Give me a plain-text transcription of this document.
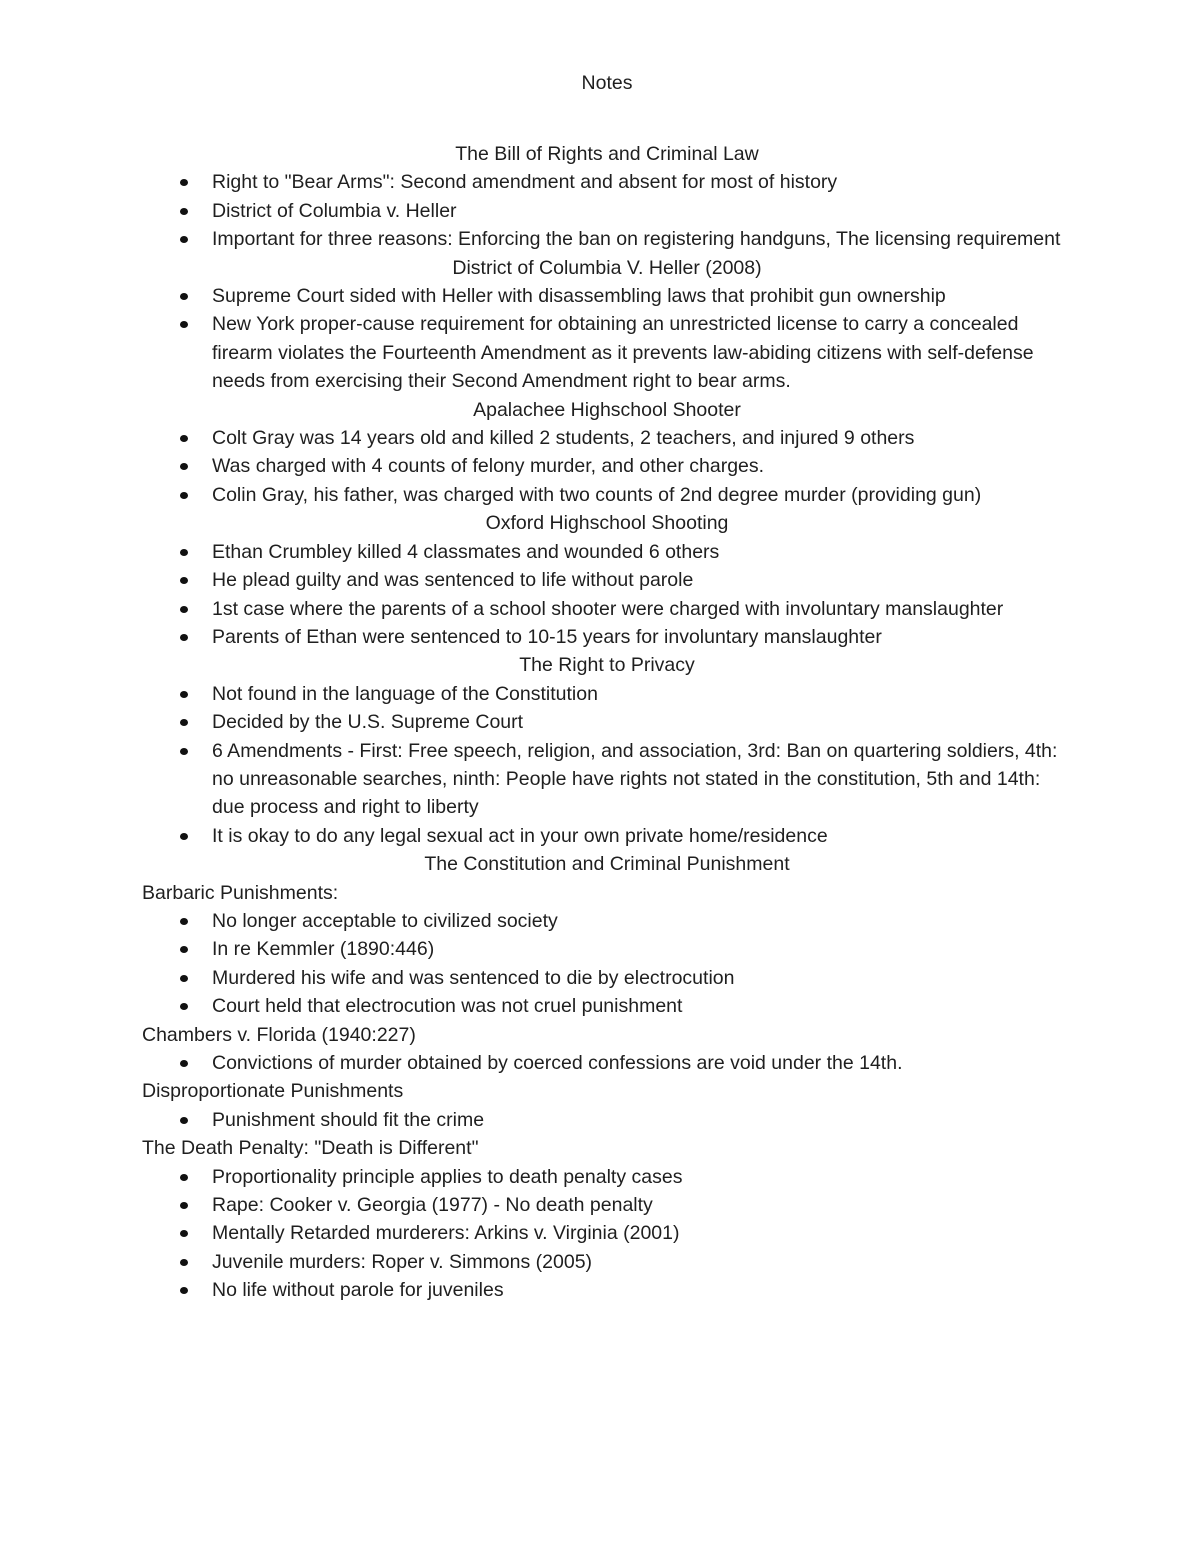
Notes
The Bill of Rights and Criminal Law
Right to "Bear Arms": Second amendment and absent for most of history
District of Columbia v. Heller
Important for three reasons: Enforcing the ban on registering handguns, The licensing requirement
District of Columbia V. Heller (2008)
Supreme Court sided with Heller with disassembling laws that prohibit gun ownership
New York proper-cause requirement for obtaining an unrestricted license to carry a concealed firearm violates the Fourteenth Amendment as it prevents law-abiding citizens with self-defense needs from exercising their Second Amendment right to bear arms.
Apalachee Highschool Shooter
Colt Gray was 14 years old and killed 2 students, 2 teachers, and injured 9 others
Was charged with 4 counts of felony murder, and other charges.
Colin Gray, his father, was charged with two counts of 2nd degree murder (providing gun)
Oxford Highschool Shooting
Ethan Crumbley killed 4 classmates and wounded 6 others
He plead guilty and was sentenced to life without parole
1st case where the parents of a school shooter were charged with involuntary manslaughter
Parents of Ethan were sentenced to 10-15 years for involuntary manslaughter
The Right to Privacy
Not found in the language of the Constitution
Decided by the U.S. Supreme Court
6 Amendments - First: Free speech, religion, and association, 3rd: Ban on quartering soldiers, 4th: no unreasonable searches, ninth: People have rights not stated in the constitution, 5th and 14th: due process and right to liberty
It is okay to do any legal sexual act in your own private home/residence
The Constitution and Criminal Punishment

Barbaric Punishments:

No longer acceptable to civilized society
In re Kemmler (1890:446)
Murdered his wife and was sentenced to die by electrocution
Court held that electrocution was not cruel punishment

Chambers v. Florida (1940:227)

Convictions of murder obtained by coerced confessions are void under the 14th.

Disproportionate Punishments

Punishment should fit the crime

The Death Penalty: "Death is Different"

Proportionality principle applies to death penalty cases
Rape: Cooker v. Georgia (1977) - No death penalty
Mentally Retarded murderers: Arkins v. Virginia (2001)
Juvenile murders: Roper v. Simmons (2005)
No life without parole for juveniles
